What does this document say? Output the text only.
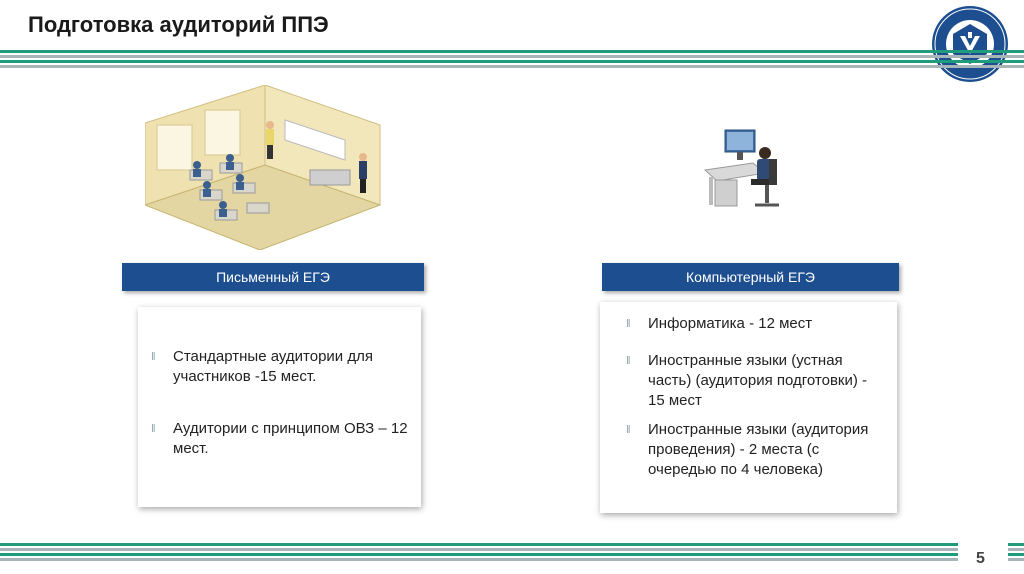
Подготовка аудиторий ППЭ
Письменный ЕГЭ
‖ Стандартные аудитории для участников -15 мест.
‖ Аудитории с принципом ОВЗ – 12 мест.
Компьютерный ЕГЭ
‖ Информатика - 12 мест
‖ Иностранные языки (устная часть) (аудитория подготовки) - 15 мест
‖ Иностранные языки (аудитория проведения) - 2 места (с очередью по 4 человека)
5
